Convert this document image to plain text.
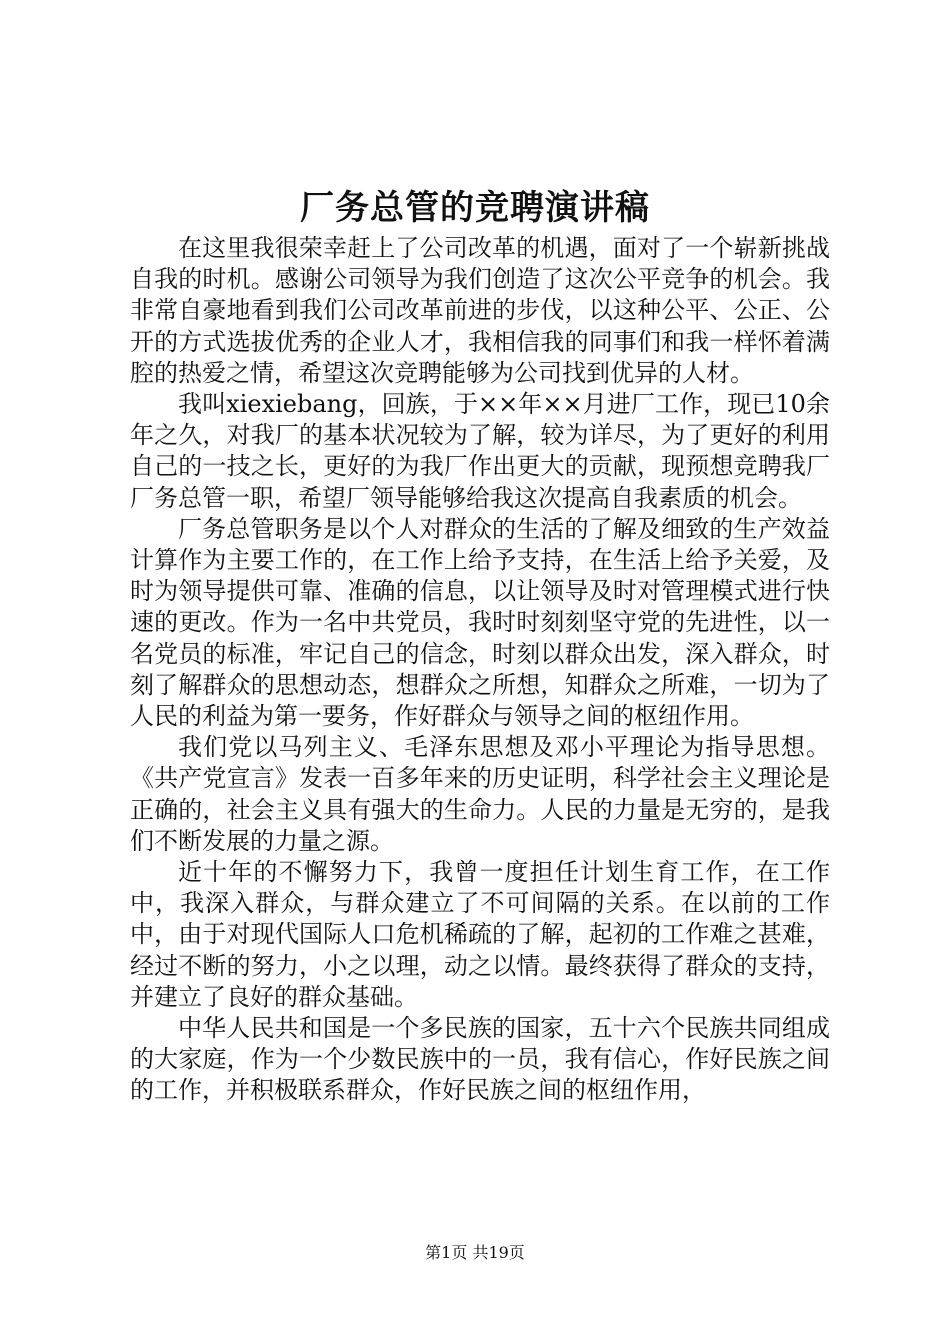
厂务总管的竞聘演讲稿

在这里我很荣幸赶上了公司改革的机遇，面对了一个崭新挑战自我的时机。感谢公司领导为我们创造了这次公平竞争的机会。我非常自豪地看到我们公司改革前进的步伐，以这种公平、公正、公开的方式选拔优秀的企业人才，我相信我的同事们和我一样怀着满腔的热爱之情，希望这次竞聘能够为公司找到优异的人材。

我叫xiexiebang，回族，于××年××月进厂工作，现已10余年之久，对我厂的基本状况较为了解，较为详尽，为了更好的利用自己的一技之长，更好的为我厂作出更大的贡献，现预想竞聘我厂厂务总管一职，希望厂领导能够给我这次提高自我素质的机会。

厂务总管职务是以个人对群众的生活的了解及细致的生产效益计算作为主要工作的，在工作上给予支持，在生活上给予关爱，及时为领导提供可靠、准确的信息，以让领导及时对管理模式进行快速的更改。作为一名中共党员，我时时刻刻坚守党的先进性，以一名党员的标准，牢记自己的信念，时刻以群众出发，深入群众，时刻了解群众的思想动态，想群众之所想，知群众之所难，一切为了人民的利益为第一要务，作好群众与领导之间的枢纽作用。

我们党以马列主义、毛泽东思想及邓小平理论为指导思想。《共产党宣言》发表一百多年来的历史证明，科学社会主义理论是正确的，社会主义具有强大的生命力。人民的力量是无穷的，是我们不断发展的力量之源。

近十年的不懈努力下，我曾一度担任计划生育工作，在工作中，我深入群众，与群众建立了不可间隔的关系。在以前的工作中，由于对现代国际人口危机稀疏的了解，起初的工作难之甚难，经过不断的努力，小之以理，动之以情。最终获得了群众的支持，并建立了良好的群众基础。

中华人民共和国是一个多民族的国家，五十六个民族共同组成的大家庭，作为一个少数民族中的一员，我有信心，作好民族之间的工作，并积极联系群众，作好民族之间的枢纽作用，

第1页 共19页
